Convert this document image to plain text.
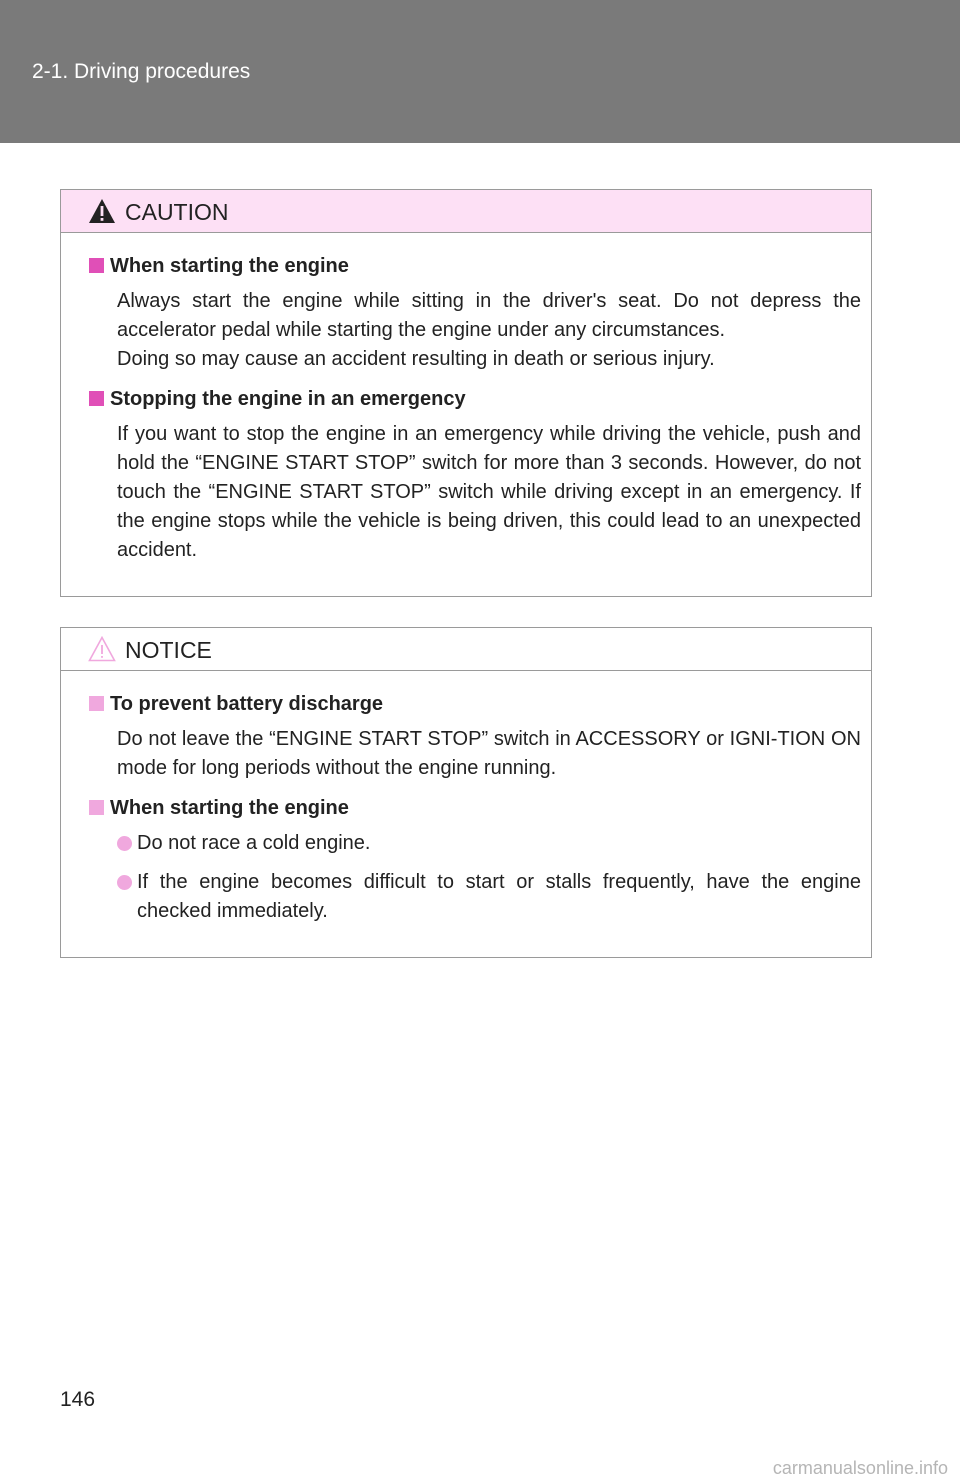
2-1. Driving procedures
CAUTION
When starting the engine

Always start the engine while sitting in the driver's seat. Do not depress the accelerator pedal while starting the engine under any circumstances.

Doing so may cause an accident resulting in death or serious injury.

Stopping the engine in an emergency

If you want to stop the engine in an emergency while driving the vehicle, push and hold the “ENGINE START STOP” switch for more than 3 seconds. However, do not touch the “ENGINE START STOP” switch while driving except in an emergency. If the engine stops while the vehicle is being driven, this could lead to an unexpected accident.

NOTICE
To prevent battery discharge

Do not leave the “ENGINE START STOP” switch in ACCESSORY or IGNI-TION ON mode for long periods without the engine running.

When starting the engine
Do not race a cold engine.
If the engine becomes difficult to start or stalls frequently, have the engine checked immediately.
146
carmanualsonline.info
